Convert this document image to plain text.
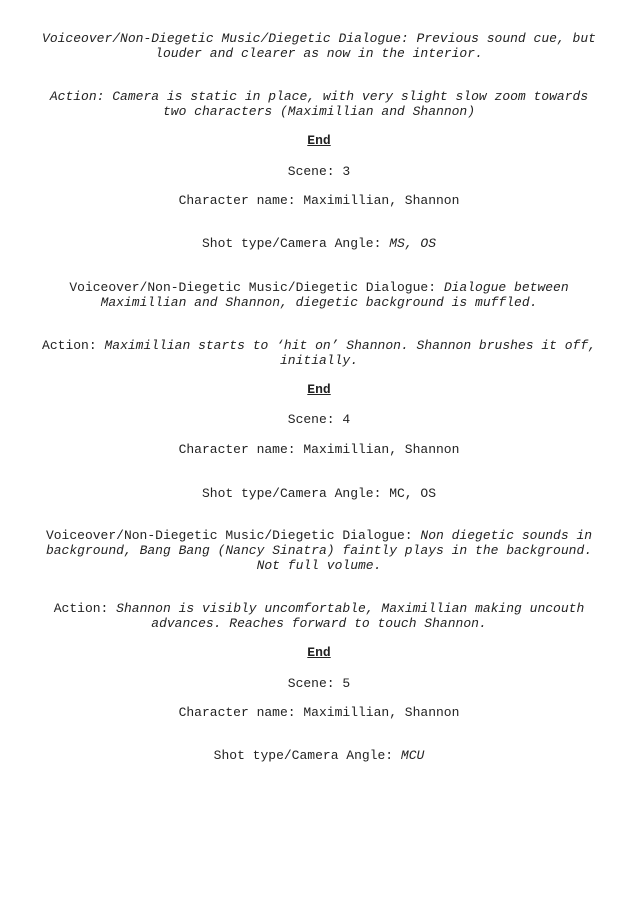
Voiceover/Non-Diegetic Music/Diegetic Dialogue: Previous sound cue, but
louder and clearer as now in the interior.
Action: Camera is static in place, with very slight slow zoom towards
two characters (Maximillian and Shannon)
End
Scene: 3
Character name: Maximillian, Shannon
Shot type/Camera Angle: MS, OS
Voiceover/Non-Diegetic Music/Diegetic Dialogue: Dialogue between
Maximillian and Shannon, diegetic background is muffled.
Action: Maximillian starts to ‘hit on’ Shannon. Shannon brushes it off,
initially.
End
Scene: 4
Character name: Maximillian, Shannon
Shot type/Camera Angle: MC, OS
Voiceover/Non-Diegetic Music/Diegetic Dialogue: Non diegetic sounds in
background, Bang Bang (Nancy Sinatra) faintly plays in the background.
Not full volume.
Action: Shannon is visibly uncomfortable, Maximillian making uncouth
advances. Reaches forward to touch Shannon.
End
Scene: 5
Character name: Maximillian, Shannon
Shot type/Camera Angle: MCU
